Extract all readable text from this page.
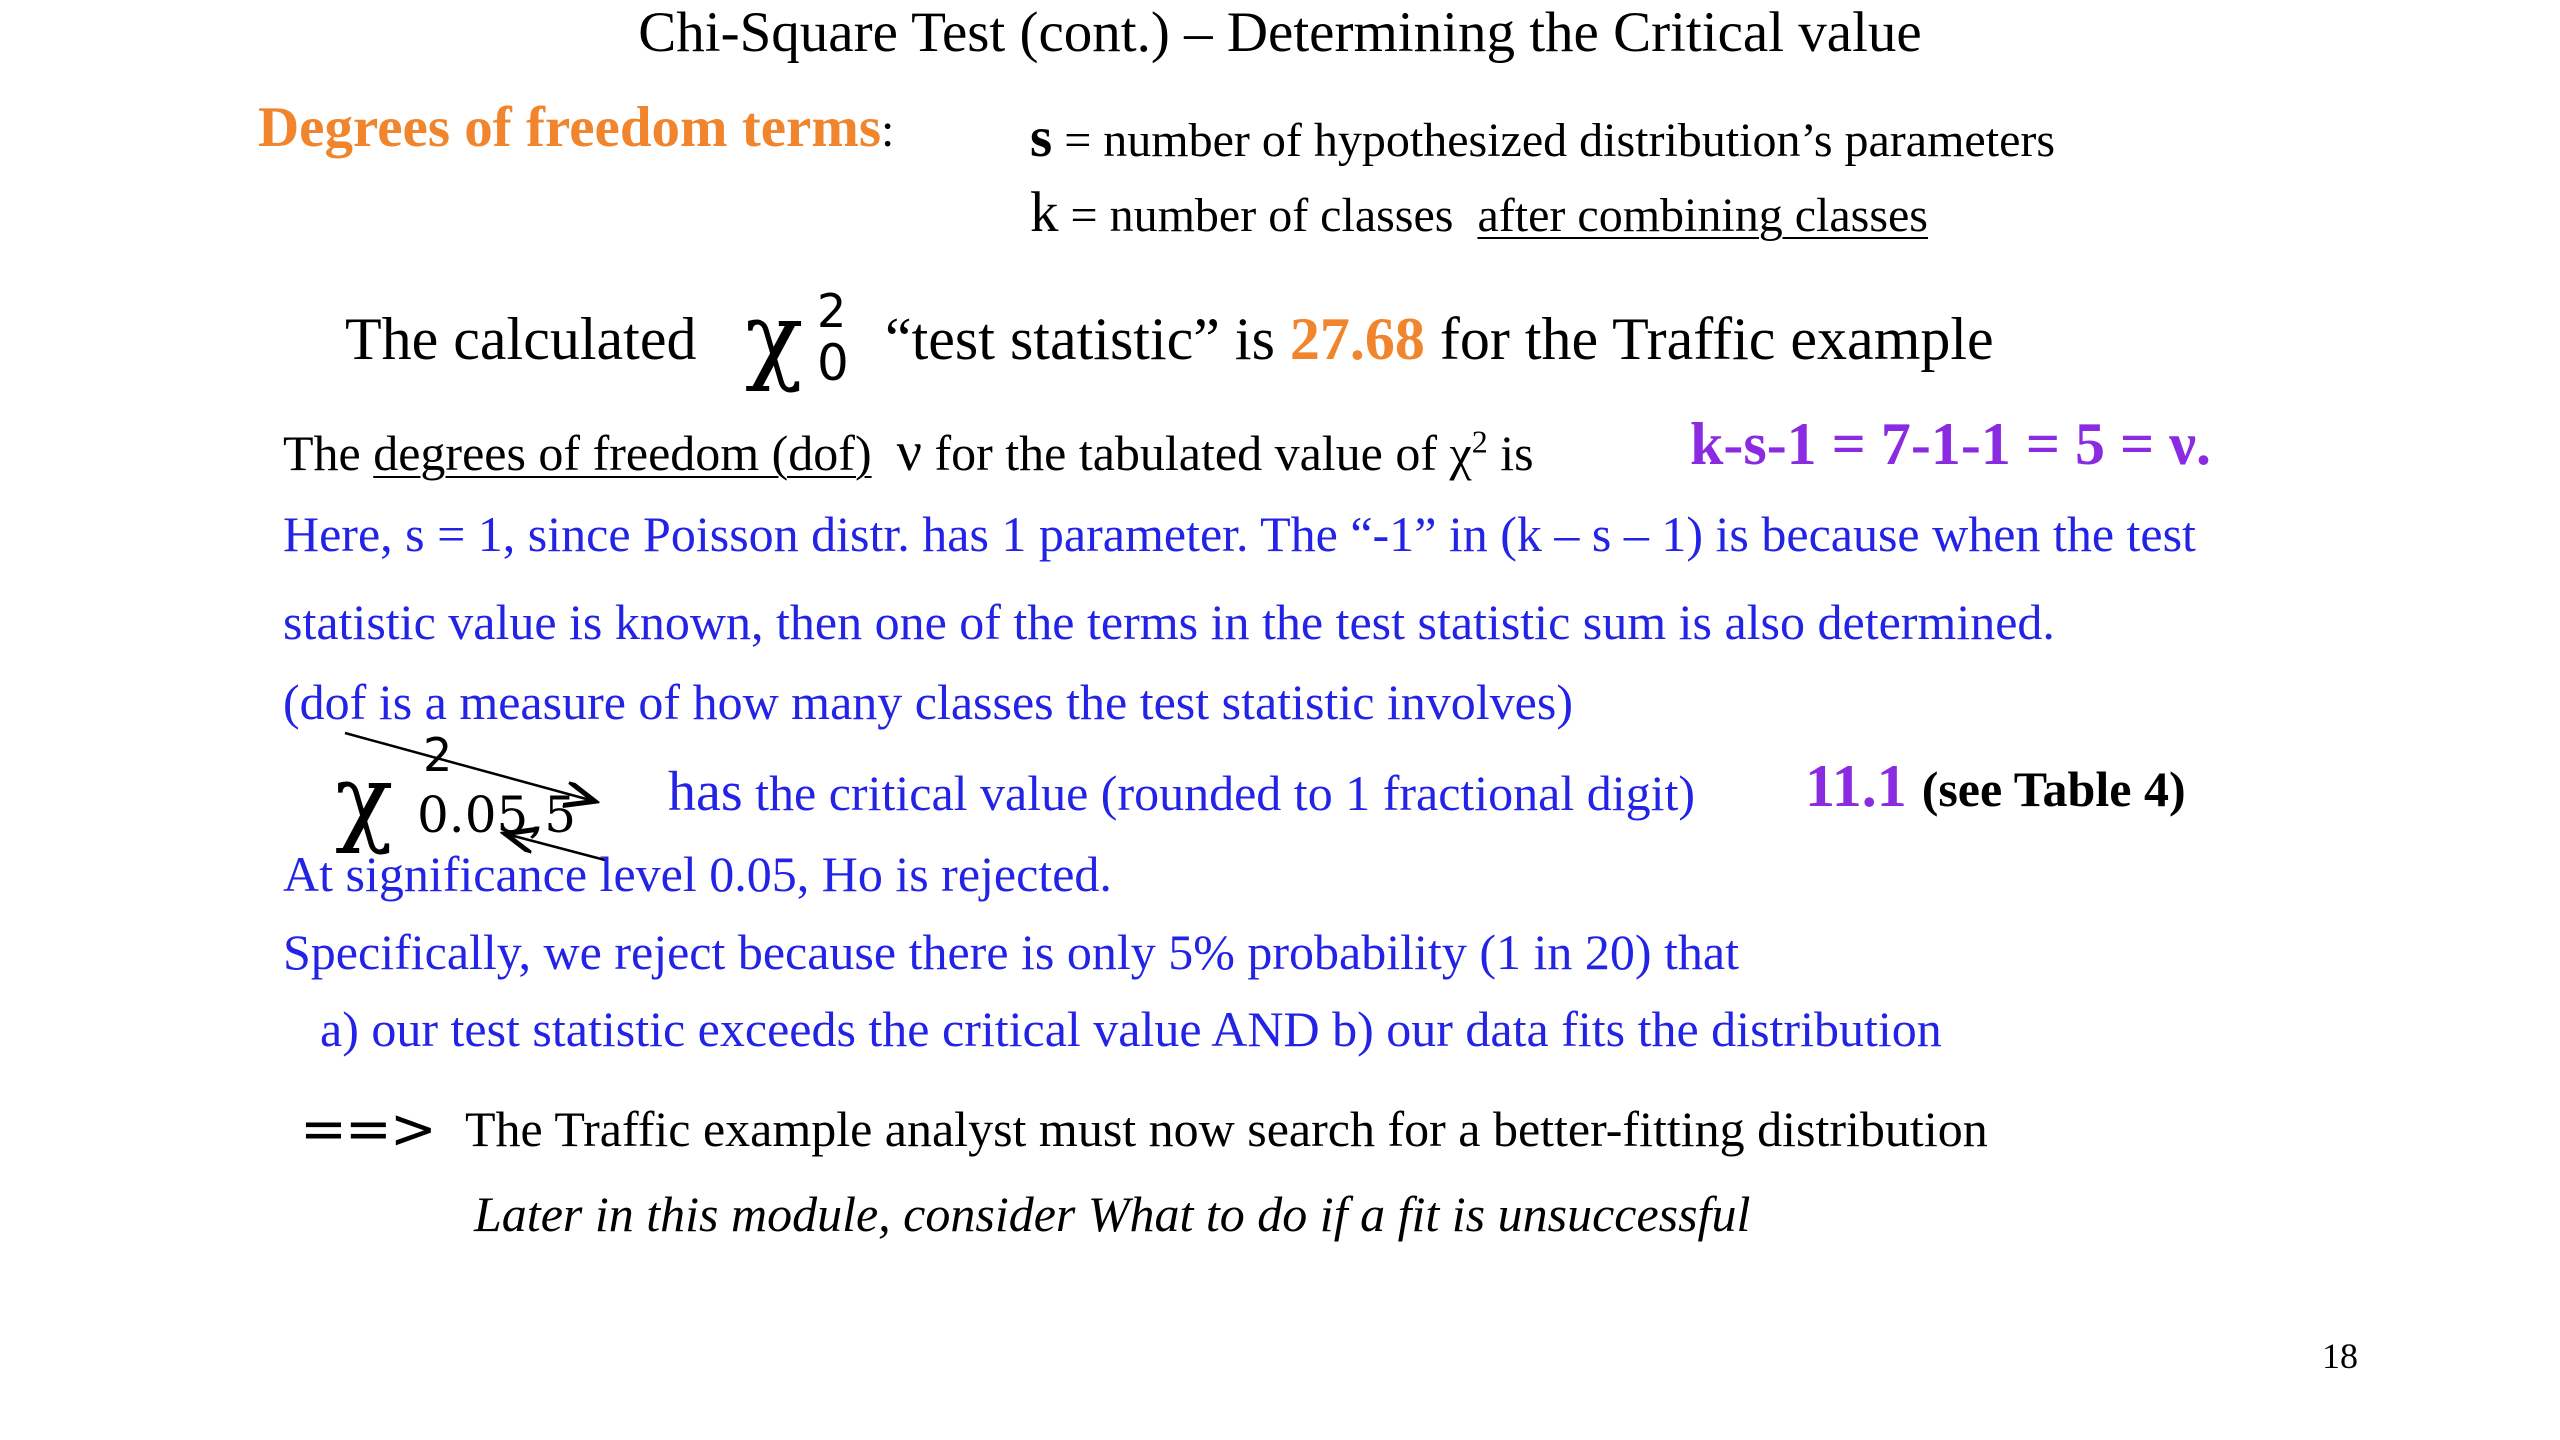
Chi-Square Test (cont.) – Determining the Critical value
Degrees of freedom terms: s = number of hypothesized distribution’s parameters
k = number of classes after combining classes
The calculated χ 2
0 “test statistic” is 27.68 for the Traffic example
The degrees of freedom (dof) ν for the tabulated value of $\chi^2$ is	k-s-1 = 7-1-1 = 5 = ν.
Here, s = 1, since Poisson distr. has 1 parameter. The “-1” in (k – s – 1) is because when the test
statistic value is known, then one of the terms in the test statistic sum is also determined.
(dof is a measure of how many classes the test statistic involves)
χ 2
0.05,5 has the critical value (rounded to 1 fractional digit) 11.1 (see Table 4)
At significance level 0.05, Ho is rejected.
Specifically, we reject because there is only 5% probability (1 in 20) that
a) our test statistic exceeds the critical value AND b) our data fits the distribution
==> The Traffic example analyst must now search for a better-fitting distribution
Later in this module, consider What to do if a fit is unsuccessful
18
